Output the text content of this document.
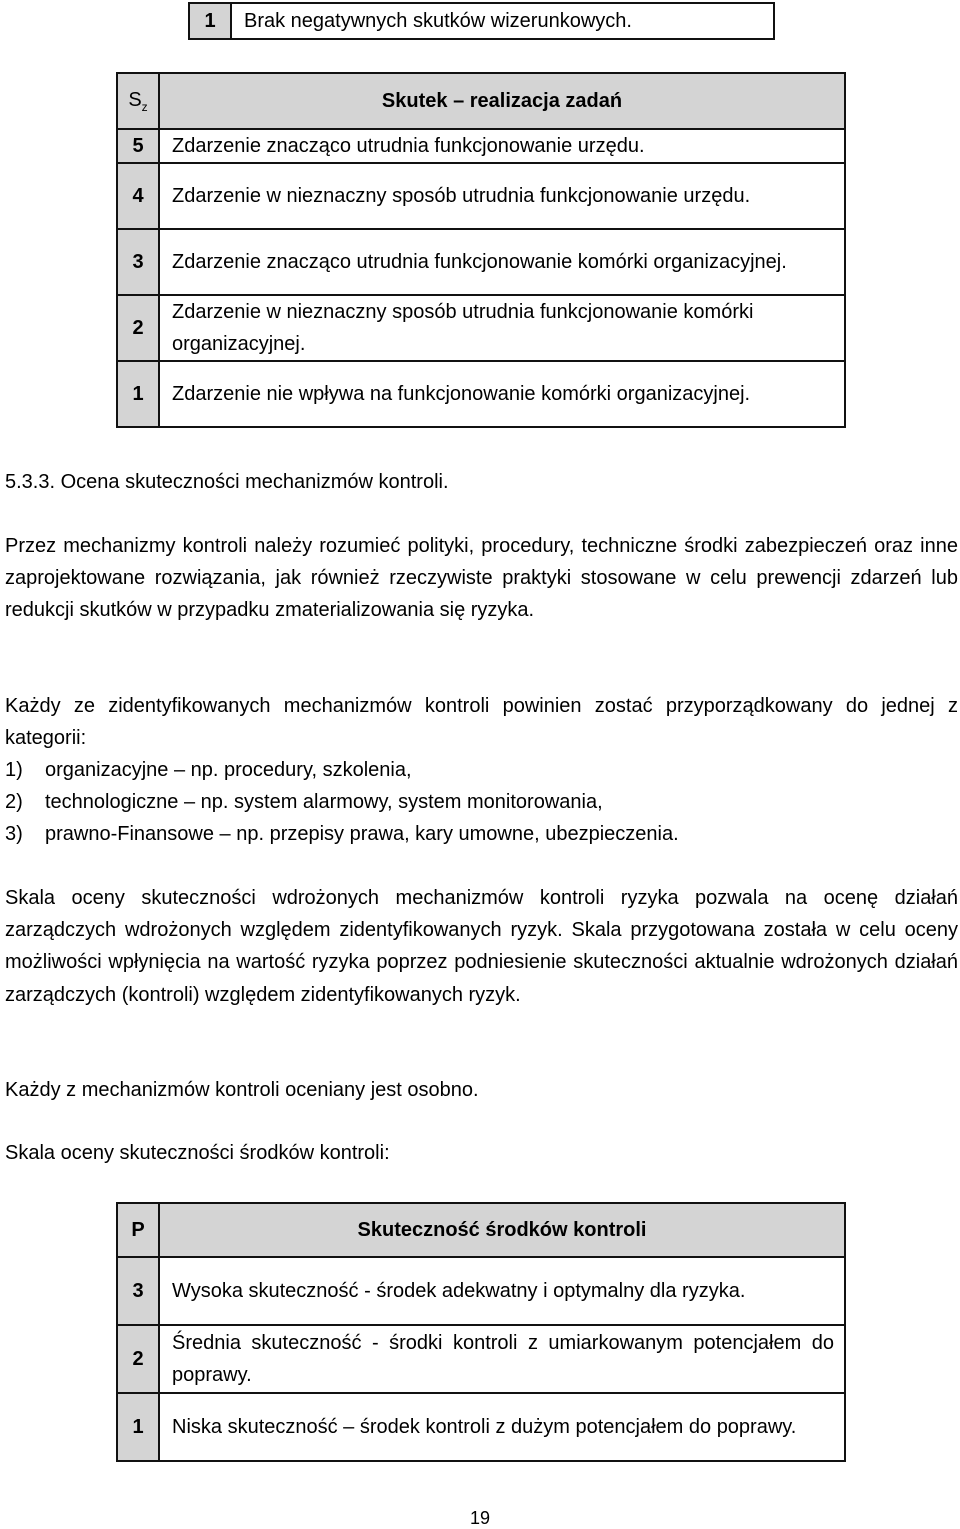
1	Brak negatywnych skutków wizerunkowych.
$S_z$	Skutek – realizacja zadań
5	Zdarzenie znacząco utrudnia funkcjonowanie urzędu.
4	Zdarzenie w nieznaczny sposób utrudnia funkcjonowanie urzędu.
3	Zdarzenie znacząco utrudnia funkcjonowanie komórki organizacyjnej.
2	Zdarzenie w nieznaczny sposób utrudnia funkcjonowanie komórki organizacyjnej.
1	Zdarzenie nie wpływa na funkcjonowanie komórki organizacyjnej.
5.3.3. Ocena skuteczności mechanizmów kontroli.

Przez mechanizmy kontroli należy rozumieć polityki, procedury, techniczne środki zabezpieczeń oraz inne zaprojektowane rozwiązania, jak również rzeczywiste praktyki stosowane w celu prewencji zdarzeń lub redukcji skutków w przypadku zmaterializowania się ryzyka.

Każdy ze zidentyfikowanych mechanizmów kontroli powinien zostać przyporządkowany do jednej z kategorii:

1)	organizacyjne – np. procedury, szkolenia,
2)	technologiczne – np. system alarmowy, system monitorowania,
3)	prawno-Finansowe – np. przepisy prawa, kary umowne, ubezpieczenia.

Skala oceny skuteczności wdrożonych mechanizmów kontroli ryzyka pozwala na ocenę działań zarządczych wdrożonych względem zidentyfikowanych ryzyk. Skala przygotowana została w celu oceny możliwości wpłynięcia na wartość ryzyka poprzez podniesienie skuteczności aktualnie wdrożonych działań zarządczych (kontroli) względem zidentyfikowanych ryzyk.

Każdy z mechanizmów kontroli oceniany jest osobno.

Skala oceny skuteczności środków kontroli:

P	Skuteczność środków kontroli
3	Wysoka skuteczność - środek adekwatny i optymalny dla ryzyka.
2	Średnia skuteczność - środki kontroli z umiarkowanym potencjałem do poprawy.
1	Niska skuteczność – środek kontroli z dużym potencjałem do poprawy.
19
